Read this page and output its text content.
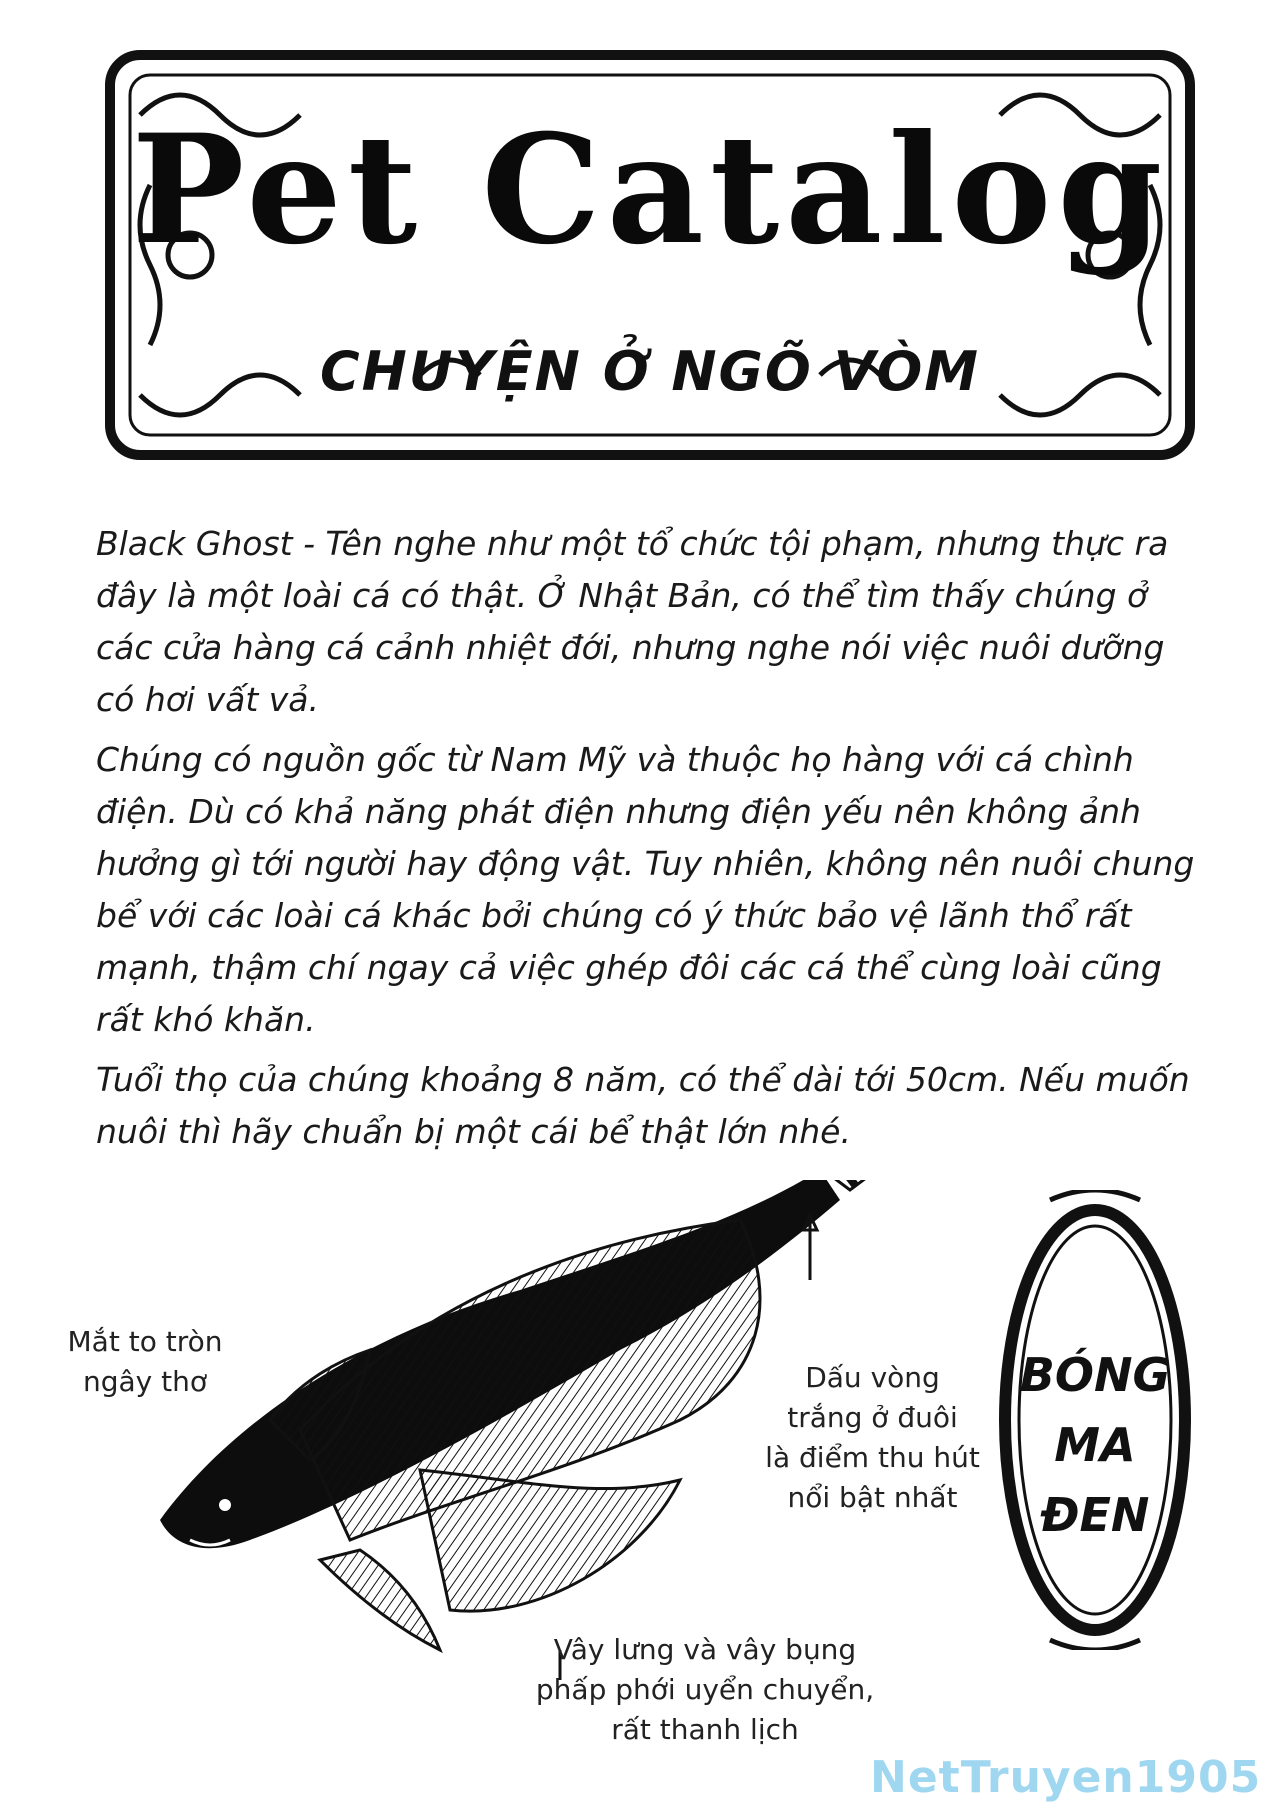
Pet Catalog
CHUYỆN Ở NGÕ VÒM

Black Ghost - Tên nghe như một tổ chức tội phạm, nhưng thực ra đây là một loài cá có thật. Ở Nhật Bản, có thể tìm thấy chúng ở các cửa hàng cá cảnh nhiệt đới, nhưng nghe nói việc nuôi dưỡng có hơi vất vả.

Chúng có nguồn gốc từ Nam Mỹ và thuộc họ hàng với cá chình điện. Dù có khả năng phát điện nhưng điện yếu nên không ảnh hưởng gì tới người hay động vật. Tuy nhiên, không nên nuôi chung bể với các loài cá khác bởi chúng có ý thức bảo vệ lãnh thổ rất mạnh, thậm chí ngay cả việc ghép đôi các cá thể cùng loài cũng rất khó khăn.

Tuổi thọ của chúng khoảng 8 năm, có thể dài tới 50cm. Nếu muốn nuôi thì hãy chuẩn bị một cái bể thật lớn nhé.

Mắt to tròn
ngây thơ	Dấu vòng
trắng ở đuôi
là điểm thu hút
nổi bật nhất
Vây lưng và vây bụng
phấp phới uyển chuyển,
rất thanh lịch
BÓNG
MA
ĐEN
NetTruyen1905
